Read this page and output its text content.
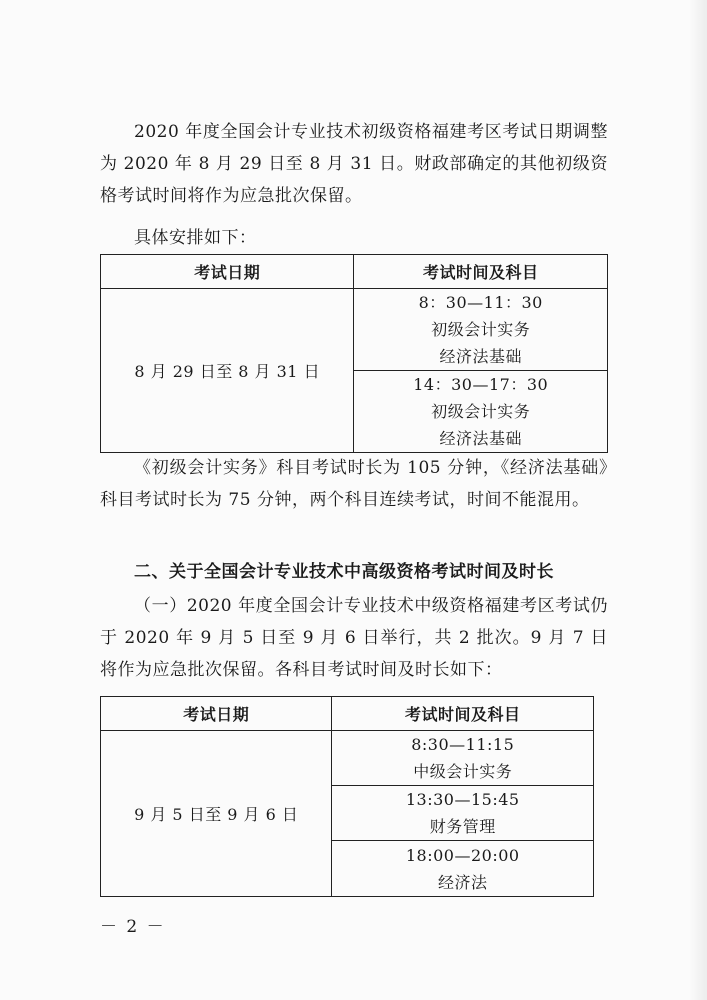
2020 年度全国会计专业技术初级资格福建考区考试日期调整为 2020 年 8 月 29 日至 8 月 31 日。财政部确定的其他初级资格考试时间将作为应急批次保留。

具体安排如下：

考试日期	考试时间及科目
8 月 29 日至 8 月 31 日	8：30—11：30
初级会计实务
经济法基础

	14：30—17：30
初级会计实务
经济法基础

《初级会计实务》科目考试时长为 105 分钟，《经济法基础》科目考试时长为 75 分钟，两个科目连续考试，时间不能混用。

二、关于全国会计专业技术中高级资格考试时间及时长

（一）2020 年度全国会计专业技术中级资格福建考区考试仍于 2020 年 9 月 5 日至 9 月 6 日举行，共 2 批次。9 月 7 日将作为应急批次保留。各科目考试时间及时长如下：

考试日期	考试时间及科目
9 月 5 日至 9 月 6 日	8:30—11:15
中级会计实务

	13:30—15:45
财务管理

	18:00—20:00
经济法
－ 2 －
